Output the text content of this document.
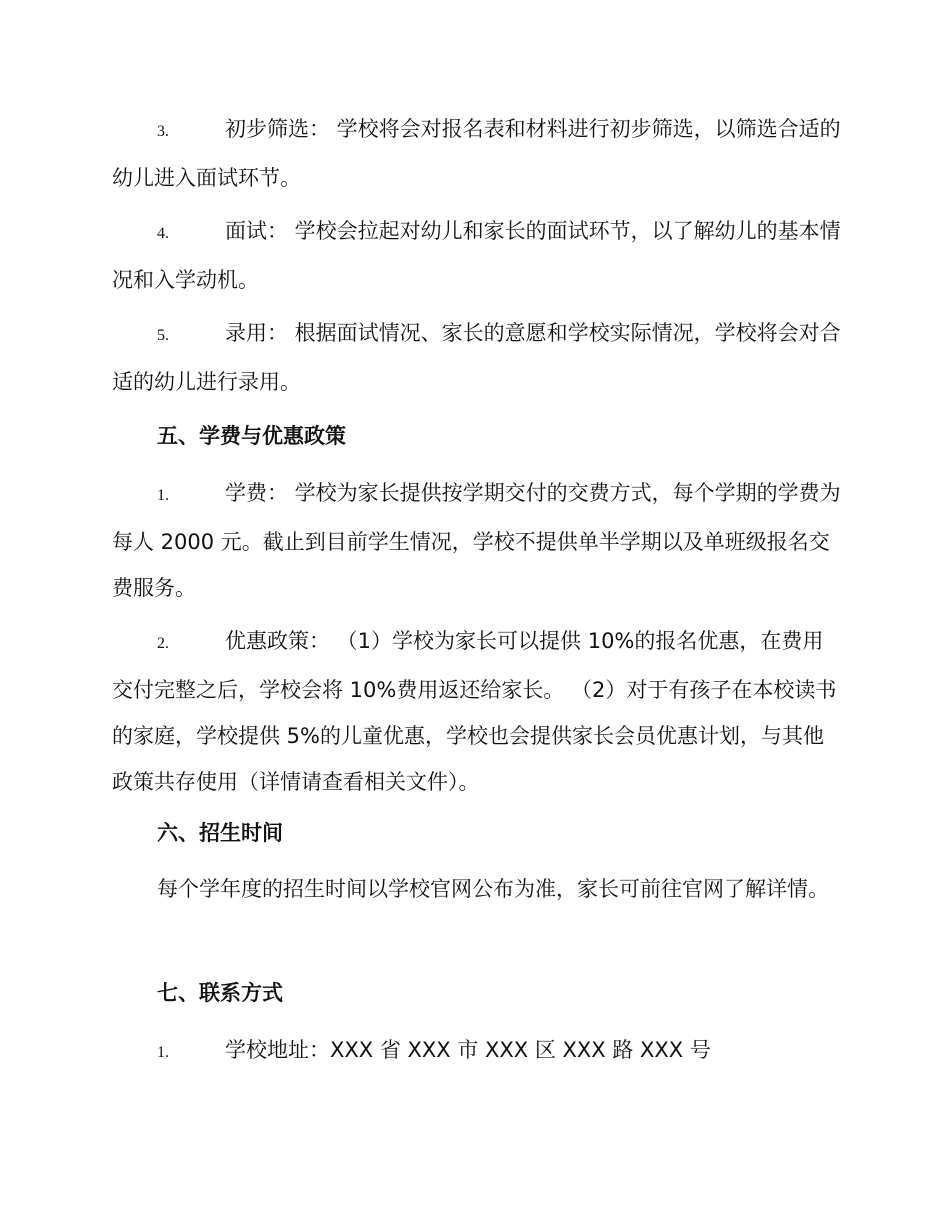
3.	初步筛选： 学校将会对报名表和材料进行初步筛选，以筛选合适的幼儿进入面试环节。
4.	面试： 学校会拉起对幼儿和家长的面试环节，以了解幼儿的基本情况和入学动机。
5.	录用： 根据面试情况、家长的意愿和学校实际情况，学校将会对合适的幼儿进行录用。
五、学费与优惠政策
1.	学费： 学校为家长提供按学期交付的交费方式，每个学期的学费为每人 2000 元。截止到目前学生情况，学校不提供单半学期以及单班级报名交费服务。
2.	优惠政策： （1）学校为家长可以提供 10%的报名优惠，在费用交付完整之后，学校会将 10%费用返还给家长。 （2）对于有孩子在本校读书的家庭，学校提供 5%的儿童优惠，学校也会提供家长会员优惠计划，与其他政策共存使用（详情请查看相关文件）。
六、招生时间
每个学年度的招生时间以学校官网公布为准，家长可前往官网了解详情。
七、联系方式
1.	学校地址：XXX 省 XXX 市 XXX 区 XXX 路 XXX 号
